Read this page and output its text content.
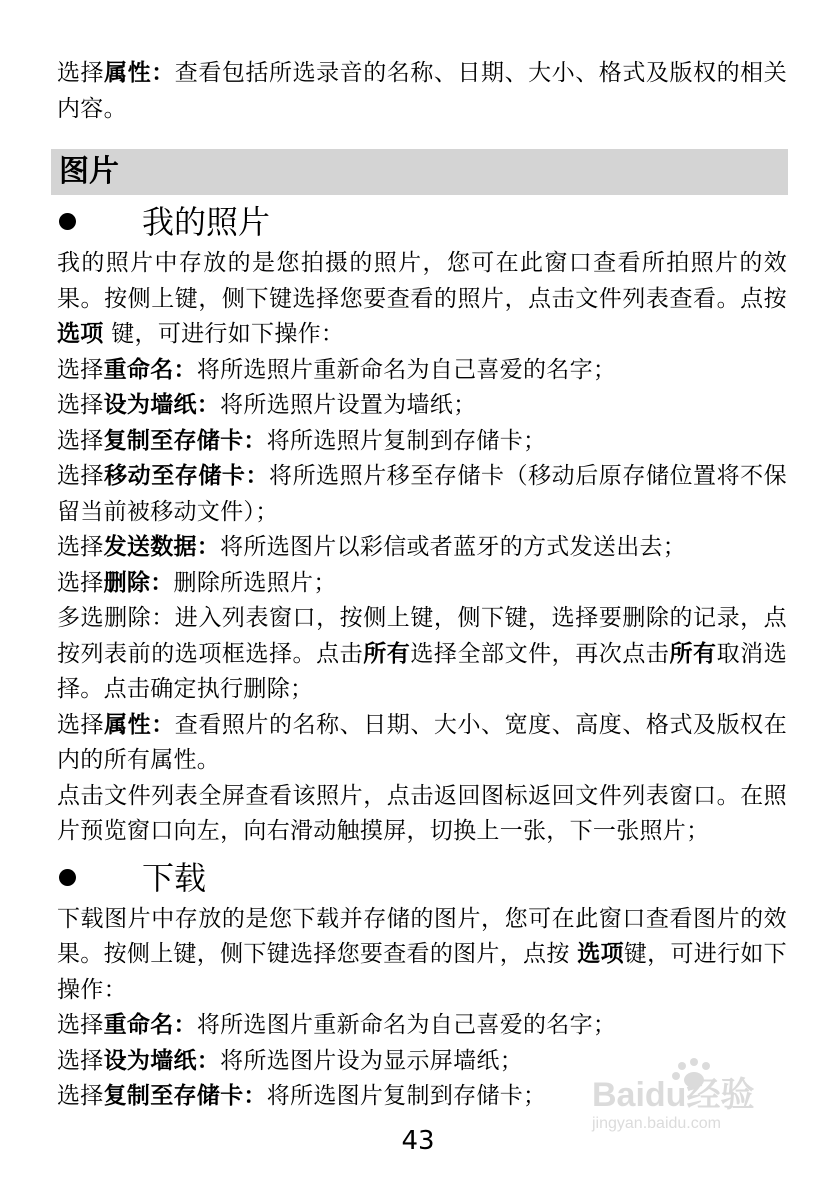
选择属性：查看包括所选录音的名称、日期、大小、格式及版权的相关内容。

图片
我的照片

我的照片中存放的是您拍摄的照片，您可在此窗口查看所拍照片的效果。按侧上键，侧下键选择您要查看的照片，点击文件列表查看。点按 选项 键，可进行如下操作：

选择重命名：将所选照片重新命名为自己喜爱的名字；

选择设为墙纸：将所选照片设置为墙纸；

选择复制至存储卡：将所选照片复制到存储卡；

选择移动至存储卡：将所选照片移至存储卡（移动后原存储位置将不保留当前被移动文件）；

选择发送数据：将所选图片以彩信或者蓝牙的方式发送出去；

选择删除：删除所选照片；

多选删除：进入列表窗口，按侧上键，侧下键，选择要删除的记录，点按列表前的选项框选择。点击所有选择全部文件，再次点击所有取消选择。点击确定执行删除；

选择属性：查看照片的名称、日期、大小、宽度、高度、格式及版权在内的所有属性。

点击文件列表全屏查看该照片，点击返回图标返回文件列表窗口。在照片预览窗口向左，向右滑动触摸屏，切换上一张，下一张照片；

下载

下载图片中存放的是您下载并存储的图片，您可在此窗口查看图片的效果。按侧上键，侧下键选择您要查看的图片，点按 选项键，可进行如下操作：

选择重命名：将所选图片重新命名为自己喜爱的名字；

选择设为墙纸：将所选图片设为显示屏墙纸；

选择复制至存储卡：将所选图片复制到存储卡；	Baidu经验
jingyan.baidu.com
43
